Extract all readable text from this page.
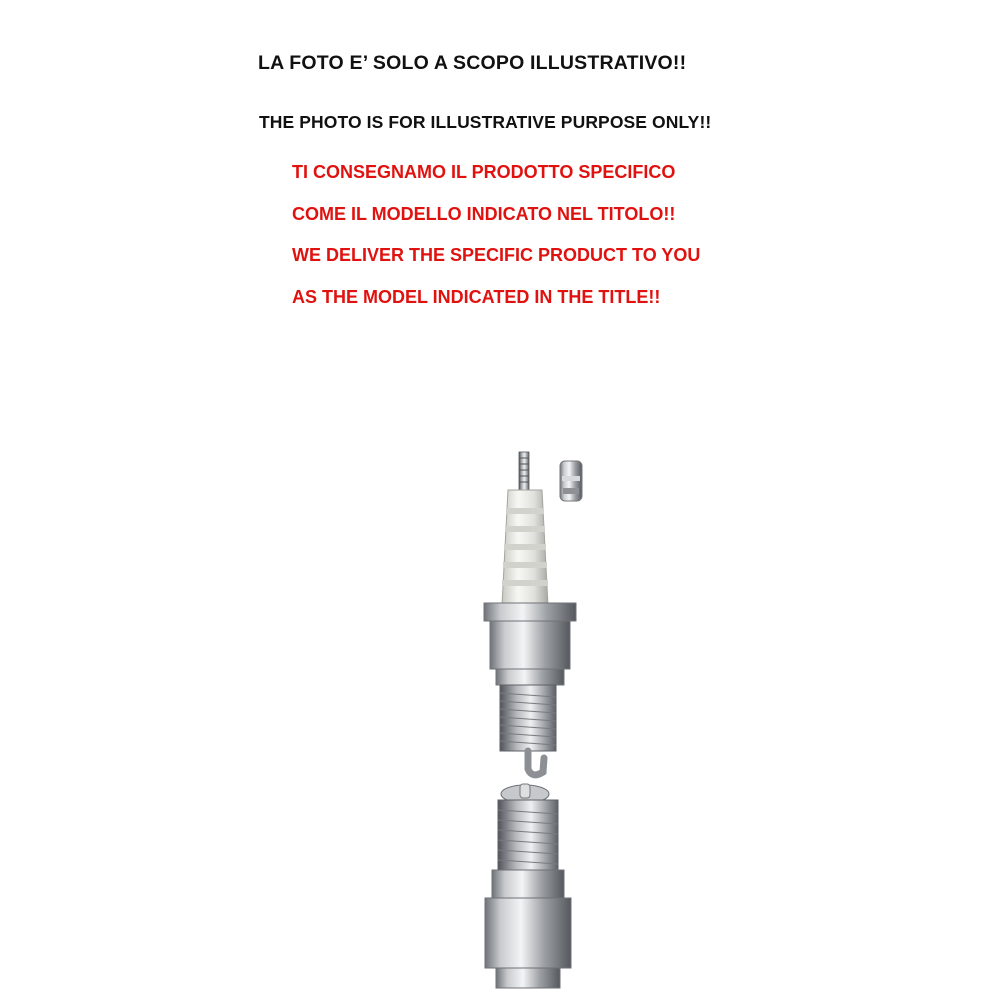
LA FOTO E’ SOLO A SCOPO ILLUSTRATIVO!!
THE PHOTO IS FOR ILLUSTRATIVE PURPOSE ONLY!!
TI CONSEGNAMO IL PRODOTTO SPECIFICO
COME IL MODELLO INDICATO NEL TITOLO!!
WE DELIVER THE SPECIFIC PRODUCT TO YOU
AS THE MODEL INDICATED IN THE TITLE!!
